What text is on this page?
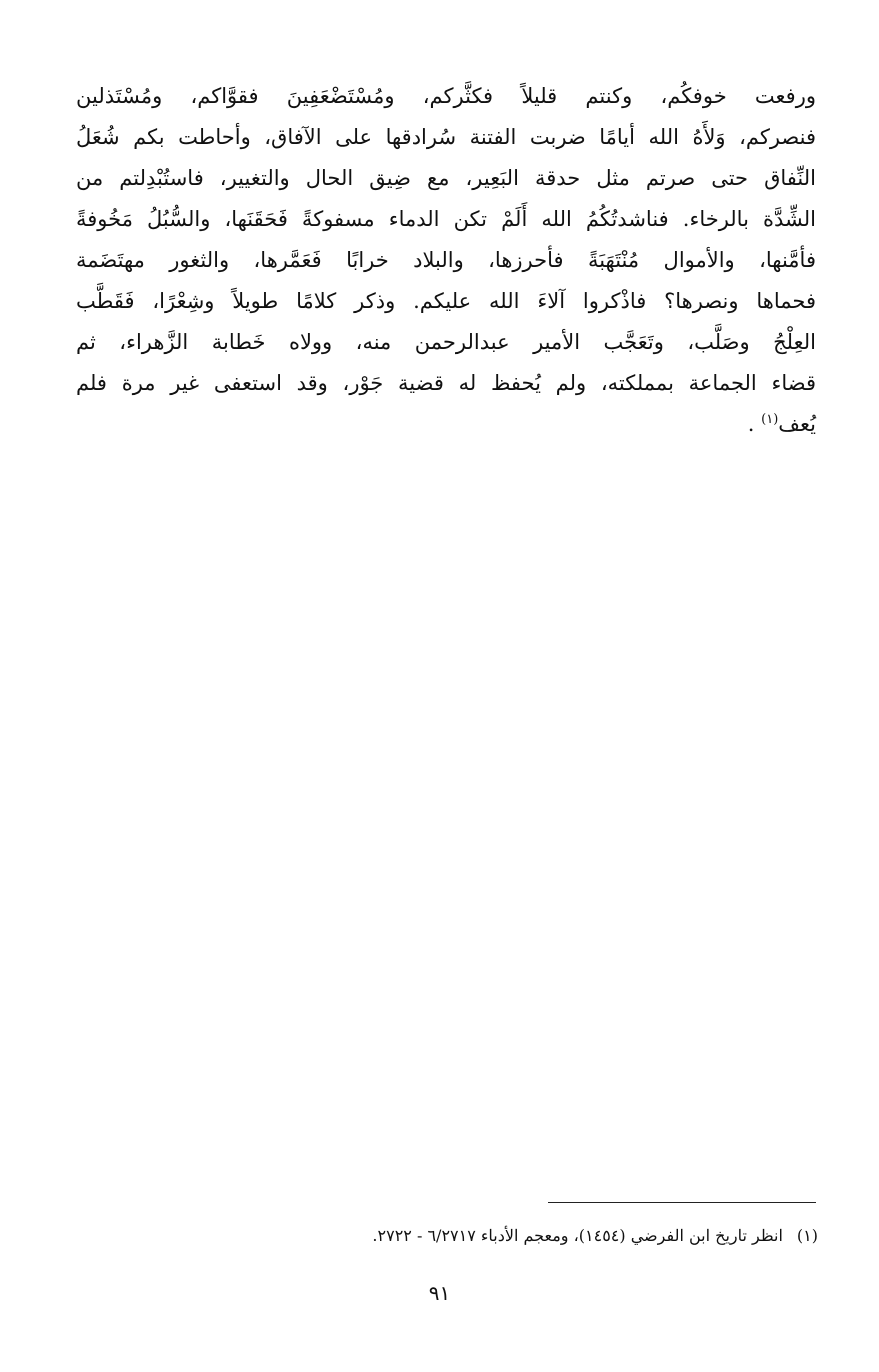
ورفعت خوفكُم، وكنتم قليلاً فكثَّركم، ومُسْتَضْعَفِينَ فقوَّاكم، ومُسْتَذلين
فنصركم، وَلأَهُ الله أيامًا ضربت الفتنة سُرادقها على الآفاق، وأحاطت بكم شُعَلُ
النِّفاق حتى صرتم مثل حدقة البَعِير، مع ضِيق الحال والتغيير، فاستُبْدِلتم من
الشِّدَّة بالرخاء. فناشدتُكُمُ الله أَلَمْ تكن الدماء مسفوكةً فَحَقَنَها، والسُّبُلُ مَخُوفةً
فأمَّنها، والأموال مُنْتَهَبَةً فأحرزها، والبلاد خرابًا فَعَمَّرها، والثغور مهتَضَمة
فحماها ونصرها؟ فاذْكروا آلاءَ الله عليكم. وذكر كلامًا طويلاً وشِعْرًا، فَقَطَّب
العِلْجُ وصَلَّب، وتَعَجَّب الأمير عبدالرحمن منه، وولاه خَطابة الزَّهراء، ثم
قضاء الجماعة بمملكته، ولم يُحفظ له قضية جَوْر، وقد استعفى غير مرة فلم
يُعف$^{(١)}$ .
(١)انظر تاريخ ابن الفرضي (١٤٥٤)، ومعجم الأدباء ٦/٢٧١٧ - ٢٧٢٢.
٩١
